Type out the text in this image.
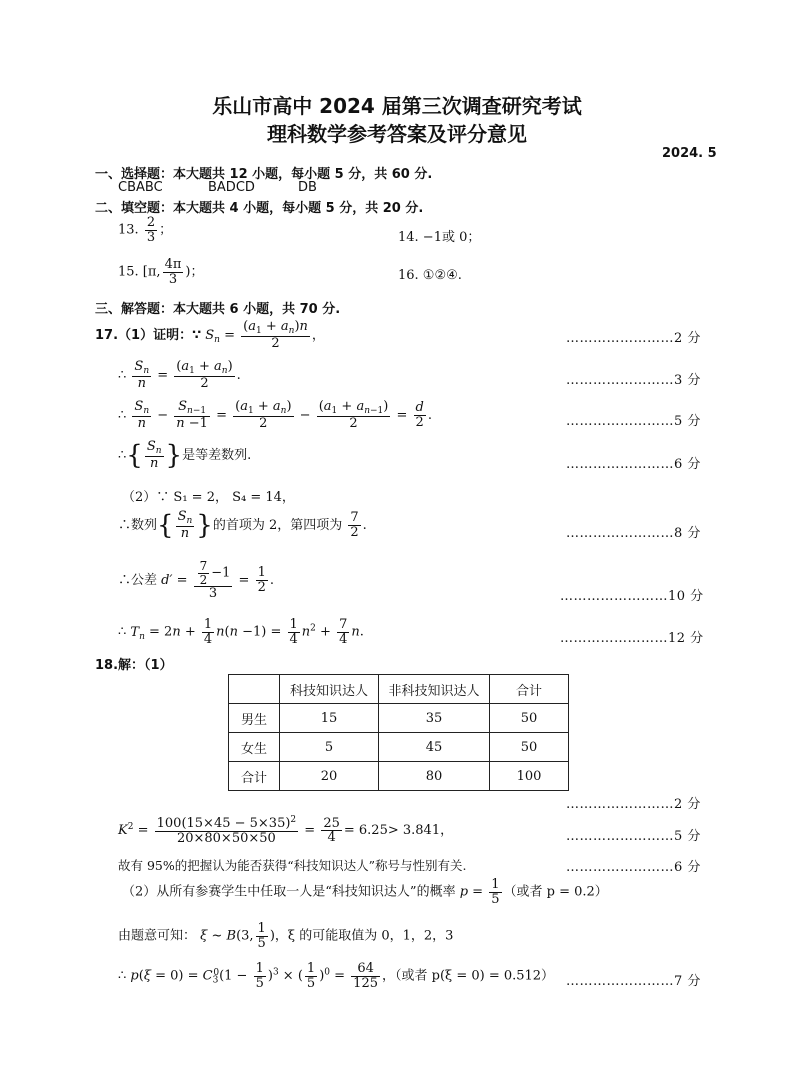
乐山市高中 2024 届第三次调查研究考试
理科数学参考答案及评分意见
2024. 5
一、选择题：本大题共 12 小题，每小题 5 分，共 60 分.
CBABC	BADCD	DB
二、填空题：本大题共 4 小题，每小题 5 分，共 20 分.
13. $\frac{2}{3}$ ；	14. −1或 0；
15. [π, $\frac{4\pi}{3}$ )；	16. ①②④.
三、解答题：本大题共 6 小题，共 70 分.
17.（1）证明：∵ $S_n = \frac{(a_1 + a_n)n}{2}$ ，	……………………2 分
∴ $\frac{S_n}{n} = \frac{(a_1 + a_n)}{2}$ .	……………………3 分
∴ $\frac{S_n}{n} - \frac{S_{n-1}}{n -1} = \frac{(a_1 + a_n)}{2} - \frac{(a_1 + a_{n-1})}{2} = \frac{d}{2}$ .	……………………5 分
∴{ $\frac{S_n}{n}$ }是等差数列.
……………………6 分
（2）∵ S₁ = 2， S₄ = 14，
∴数列{ $\frac{S_n}{n}$ }的首项为 2，第四项为 $\frac{7}{2}$ .
……………………8 分
∴公差 $d' = \frac{\frac{7}{2} -1}{3} = \frac{1}{2}$ .
……………………10 分
∴ $T_n = 2n + \frac{1}{4} n(n -1) = \frac{1}{4} n^2 + \frac{7}{4} n$.	……………………12 分
18.解：（1）
	科技知识达人	非科技知识达人	合计
男生	15	35	50
女生	5	45	50
合计	20	80	100
……………………2 分
$K^2 = \frac{100(15\times 45 - 5\times 35)^2}{20\times 80\times 50\times 50} = \frac{25}{4} = 6.25> 3.841$，	……………………5 分
故有 95%的把握认为能否获得“科技知识达人”称号与性别有关.	……………………6 分
（2）从所有参赛学生中任取一人是“科技知识达人”的概率 $p = \frac{1}{5}$ （或者 p = 0.2）
由题意可知： ξ ~ B(3, $\frac{1}{5}$ )，ξ 的可能取值为 0，1，2，3
∴ $p(\xi = 0) = C_3^0(1 - \frac{1}{5} )^3$ × ( $\frac{1}{5} )^0 = \frac{64}{125}$ ，（或者 p(ξ = 0) = 0.512） ……………………7 分
